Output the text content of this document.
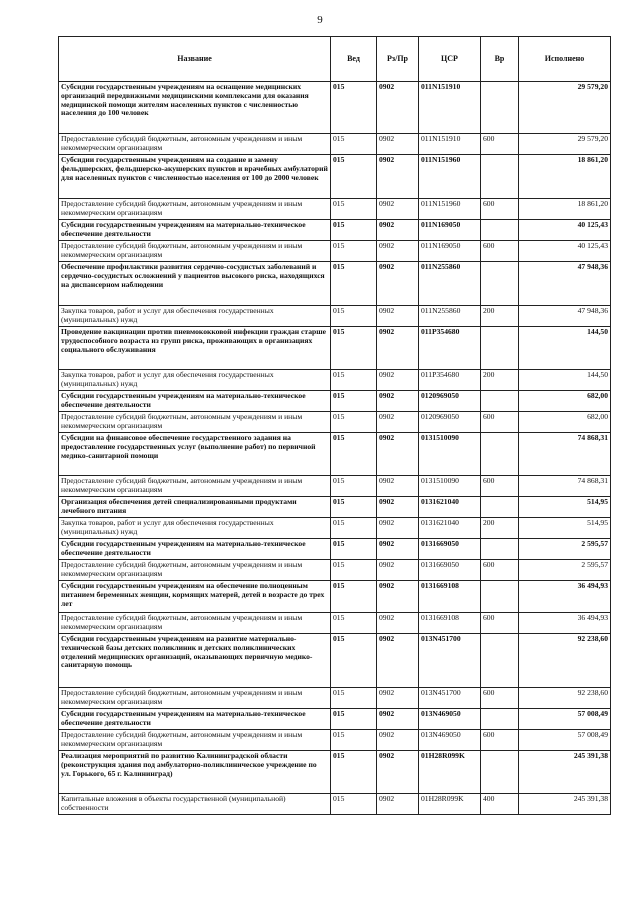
9
Название	Вед	Рз/Пр	ЦСР	Вр	Исполнено
Субсидии государственным учреждениям на оснащение медицинских организаций передвижными медицинскими комплексами для оказания медицинской помощи жителям населенных пунктов с численностью населения до 100 человек	015	0902	011N151910		29 579,20
Предоставление субсидий бюджетным, автономным учреждениям и иным некоммерческим организациям	015	0902	011N151910	600	29 579,20
Субсидии государственным учреждениям на создание и замену фельдшерских, фельдшерско-акушерских пунктов и врачебных амбулаторий для населенных пунктов с численностью населения от 100 до 2000 человек	015	0902	011N151960		18 861,20
Предоставление субсидий бюджетным, автономным учреждениям и иным некоммерческим организациям	015	0902	011N151960	600	18 861,20
Субсидии государственным учреждениям на материально-техническое обеспечение деятельности	015	0902	011N169050		40 125,43
Предоставление субсидий бюджетным, автономным учреждениям и иным некоммерческим организациям	015	0902	011N169050	600	40 125,43
Обеспечение профилактики развития сердечно-сосудистых заболеваний и сердечно-сосудистых осложнений у пациентов высокого риска, находящихся на диспансерном наблюдении	015	0902	011N255860		47 948,36
Закупка товаров, работ и услуг для обеспечения государственных (муниципальных) нужд	015	0902	011N255860	200	47 948,36
Проведение вакцинации против пневмококковой инфекции граждан старше трудоспособного возраста из групп риска, проживающих в организациях социального обслуживания	015	0902	011P354680		144,50
Закупка товаров, работ и услуг для обеспечения государственных (муниципальных) нужд	015	0902	011P354680	200	144,50
Субсидии государственным учреждениям на материально-техническое обеспечение деятельности	015	0902	0120969050		682,00
Предоставление субсидий бюджетным, автономным учреждениям и иным некоммерческим организациям	015	0902	0120969050	600	682,00
Субсидии на финансовое обеспечение государственного задания на предоставление государственных услуг (выполнение работ) по первичной медико-санитарной помощи	015	0902	0131510090		74 868,31
Предоставление субсидий бюджетным, автономным учреждениям и иным некоммерческим организациям	015	0902	0131510090	600	74 868,31
Организация обеспечения детей специализированными продуктами лечебного питания	015	0902	0131621040		514,95
Закупка товаров, работ и услуг для обеспечения государственных (муниципальных) нужд	015	0902	0131621040	200	514,95
Субсидии государственным учреждениям на материально-техническое обеспечение деятельности	015	0902	0131669050		2 595,57
Предоставление субсидий бюджетным, автономным учреждениям и иным некоммерческим организациям	015	0902	0131669050	600	2 595,57
Субсидии государственным учреждениям на обеспечение полноценным питанием беременных женщин, кормящих матерей, детей в возрасте до трех лет	015	0902	0131669108		36 494,93
Предоставление субсидий бюджетным, автономным учреждениям и иным некоммерческим организациям	015	0902	0131669108	600	36 494,93
Субсидии государственным учреждениям на развитие материально-технической базы детских поликлиник и детских поликлинических отделений медицинских организаций, оказывающих первичную медико-санитарную помощь	015	0902	013N451700		92 238,60
Предоставление субсидий бюджетным, автономным учреждениям и иным некоммерческим организациям	015	0902	013N451700	600	92 238,60
Субсидии государственным учреждениям на материально-техническое обеспечение деятельности	015	0902	013N469050		57 008,49
Предоставление субсидий бюджетным, автономным учреждениям и иным некоммерческим организациям	015	0902	013N469050	600	57 008,49
Реализация мероприятий по развитию Калининградской области (реконструкция здания под амбулаторно-поликлиническое учреждение по ул. Горького, 65 г. Калининград)	015	0902	01Н28R099K		245 391,38
Капитальные вложения в объекты государственной (муниципальной) собственности	015	0902	01Н28R099K	400	245 391,38
